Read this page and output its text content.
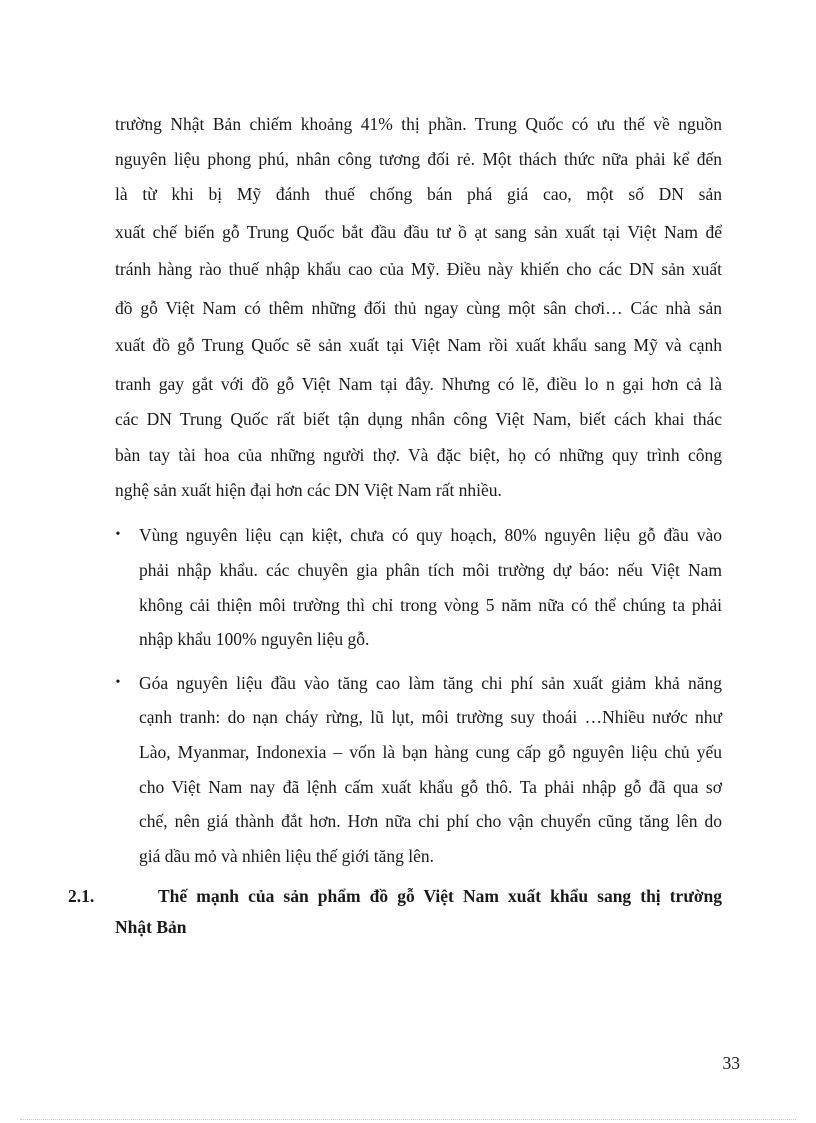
trường Nhật Bản chiếm khoảng 41% thị phần. Trung Quốc có ưu thế về nguồn
nguyên liệu phong phú, nhân công tương đối rẻ. Một thách thức nữa phải kể đến
là từ khi bị Mỹ đánh thuế chống bán phá giá cao, một số DN sản
xuất chế biến gỗ Trung Quốc bắt đầu đầu tư ồ ạt sang sản xuất tại Việt Nam để
tránh hàng rào thuế nhập khẩu cao của Mỹ. Điều này khiến cho các DN sản xuất
đồ gỗ Việt Nam có thêm những đối thủ ngay cùng một sân chơi… Các nhà sản
xuất đồ gỗ Trung Quốc sẽ sản xuất tại Việt Nam rồi xuất khẩu sang Mỹ và cạnh
tranh gay gắt với đồ gỗ Việt Nam tại đây. Nhưng có lẽ, điều lo n gại hơn cả là
các DN Trung Quốc rất biết tận dụng nhân công Việt Nam, biết cách khai thác
bàn tay tài hoa của những người thợ. Và đặc biệt, họ có những quy trình công
nghệ sản xuất hiện đại hơn các DN Việt Nam rất nhiều.
• Vùng nguyên liệu cạn kiệt, chưa có quy hoạch, 80% nguyên liệu gỗ đầu vào
phải nhập khẩu. các chuyên gia phân tích môi trường dự báo: nếu Việt Nam
không cải thiện môi trường thì chỉ trong vòng 5 năm nữa có thể chúng ta phải
nhập khẩu 100% nguyên liệu gỗ.
• Góa nguyên liệu đầu vào tăng cao làm tăng chi phí sản xuất giảm khả năng
cạnh tranh: do nạn cháy rừng, lũ lụt, môi trường suy thoái …Nhiều nước như
Lào, Myanmar, Indonexia – vốn là bạn hàng cung cấp gỗ nguyên liệu chủ yếu
cho Việt Nam nay đã lệnh cấm xuất khẩu gỗ thô. Ta phải nhập gỗ đã qua sơ
chế, nên giá thành đắt hơn. Hơn nữa chi phí cho vận chuyển cũng tăng lên do
giá dầu mỏ và nhiên liệu thế giới tăng lên.
2.1.	Thế mạnh của sản phẩm đồ gỗ Việt Nam xuất khẩu sang thị trường
Nhật Bản
33
